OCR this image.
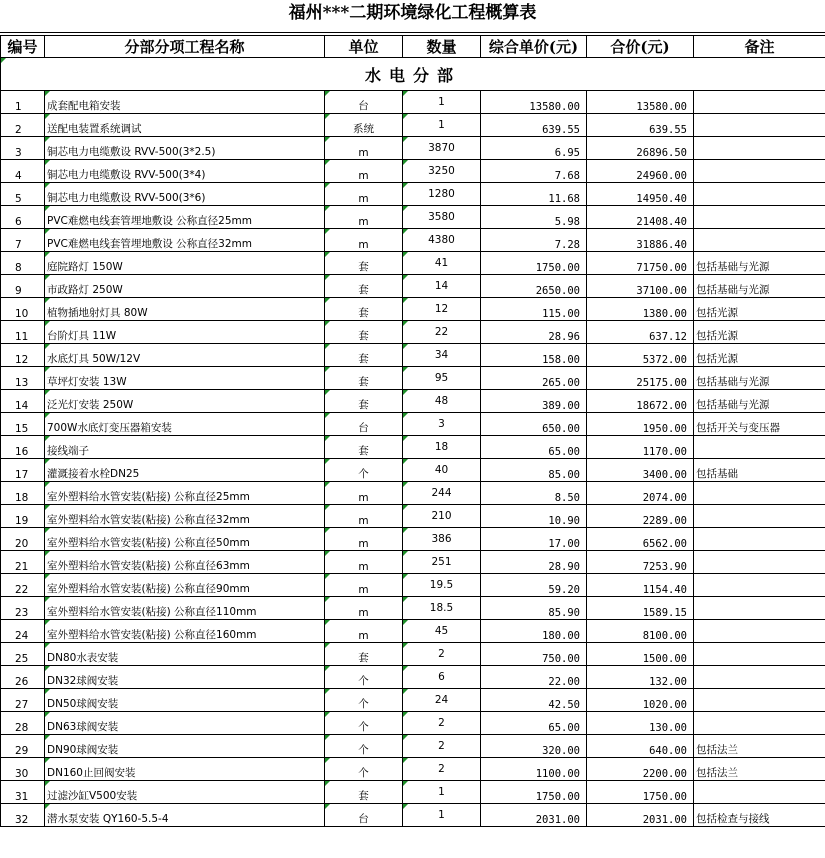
福州***二期环境绿化工程概算表
编号	分部分项工程名称	单位	数量	综合单价(元)	合价(元)	备注
水电分部						
1	成套配电箱安装	台	1	13580.00	13580.00	
2	送配电装置系统调试	系统	1	639.55	639.55	
3	铜芯电力电缆敷设 RVV-500(3*2.5)	m	3870	6.95	26896.50	
4	铜芯电力电缆敷设 RVV-500(3*4)	m	3250	7.68	24960.00	
5	铜芯电力电缆敷设 RVV-500(3*6)	m	1280	11.68	14950.40	
6	PVC难燃电线套管埋地敷设 公称直径25mm	m	3580	5.98	21408.40	
7	PVC难燃电线套管埋地敷设 公称直径32mm	m	4380	7.28	31886.40	
8	庭院路灯 150W	套	41	1750.00	71750.00	包括基础与光源
9	市政路灯 250W	套	14	2650.00	37100.00	包括基础与光源
10	植物插地射灯具 80W	套	12	115.00	1380.00	包括光源
11	台阶灯具 11W	套	22	28.96	637.12	包括光源
12	水底灯具 50W/12V	套	34	158.00	5372.00	包括光源
13	草坪灯安装 13W	套	95	265.00	25175.00	包括基础与光源
14	泛光灯安装 250W	套	48	389.00	18672.00	包括基础与光源
15	700W水底灯变压器箱安装	台	3	650.00	1950.00	包括开关与变压器
16	接线端子	套	18	65.00	1170.00	
17	灌溉接着水栓DN25	个	40	85.00	3400.00	包括基础
18	室外塑料给水管安装(粘接) 公称直径25mm	m	244	8.50	2074.00	
19	室外塑料给水管安装(粘接) 公称直径32mm	m	210	10.90	2289.00	
20	室外塑料给水管安装(粘接) 公称直径50mm	m	386	17.00	6562.00	
21	室外塑料给水管安装(粘接) 公称直径63mm	m	251	28.90	7253.90	
22	室外塑料给水管安装(粘接) 公称直径90mm	m	19.5	59.20	1154.40	
23	室外塑料给水管安装(粘接) 公称直径110mm	m	18.5	85.90	1589.15	
24	室外塑料给水管安装(粘接) 公称直径160mm	m	45	180.00	8100.00	
25	DN80水表安装	套	2	750.00	1500.00	
26	DN32球阀安装	个	6	22.00	132.00	
27	DN50球阀安装	个	24	42.50	1020.00	
28	DN63球阀安装	个	2	65.00	130.00	
29	DN90球阀安装	个	2	320.00	640.00	包括法兰
30	DN160止回阀安装	个	2	1100.00	2200.00	包括法兰
31	过滤沙缸V500安装	套	1	1750.00	1750.00	
32	潜水泵安装 QY160-5.5-4	台	1	2031.00	2031.00	包括检查与接线
